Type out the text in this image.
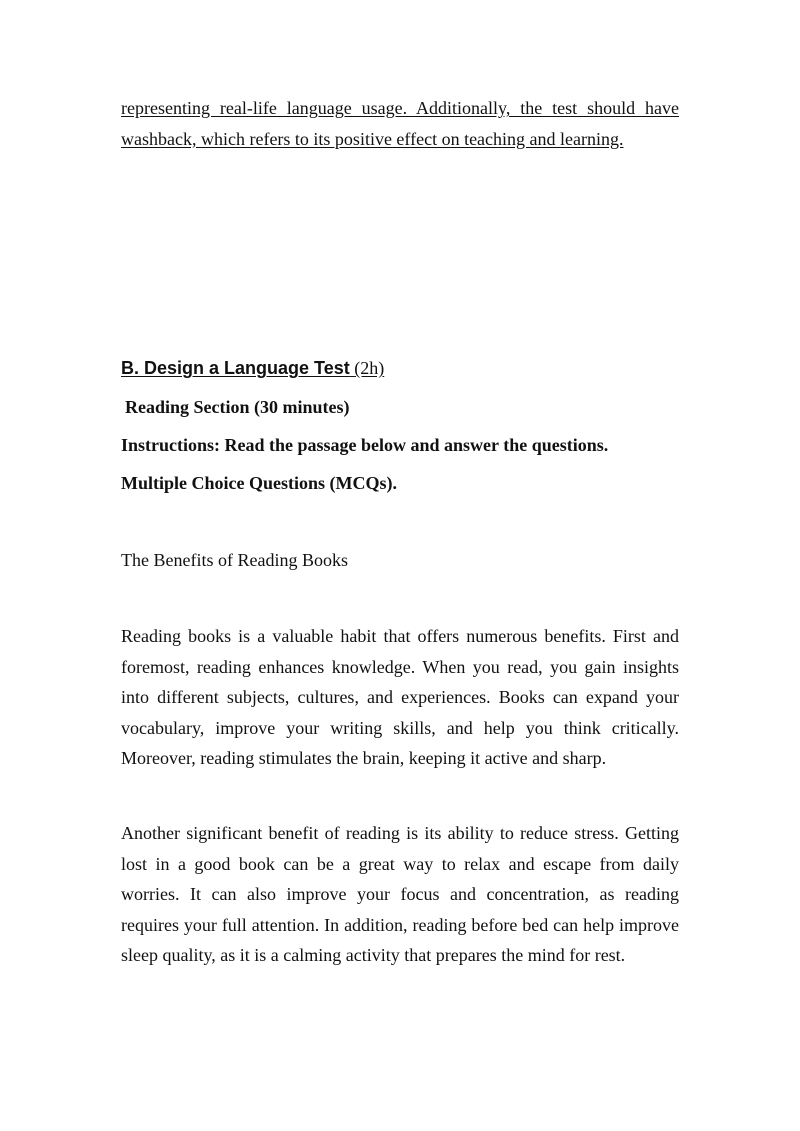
representing real-life language usage. Additionally, the test should have washback, which refers to its positive effect on teaching and learning.

B. Design a Language Test (2h)
Reading Section (30 minutes)
Instructions: Read the passage below and answer the questions.
Multiple Choice Questions (MCQs).
The Benefits of Reading Books

Reading books is a valuable habit that offers numerous benefits. First and foremost, reading enhances knowledge. When you read, you gain insights into different subjects, cultures, and experiences. Books can expand your vocabulary, improve your writing skills, and help you think critically. Moreover, reading stimulates the brain, keeping it active and sharp.

Another significant benefit of reading is its ability to reduce stress. Getting lost in a good book can be a great way to relax and escape from daily worries. It can also improve your focus and concentration, as reading requires your full attention. In addition, reading before bed can help improve sleep quality, as it is a calming activity that prepares the mind for rest.
